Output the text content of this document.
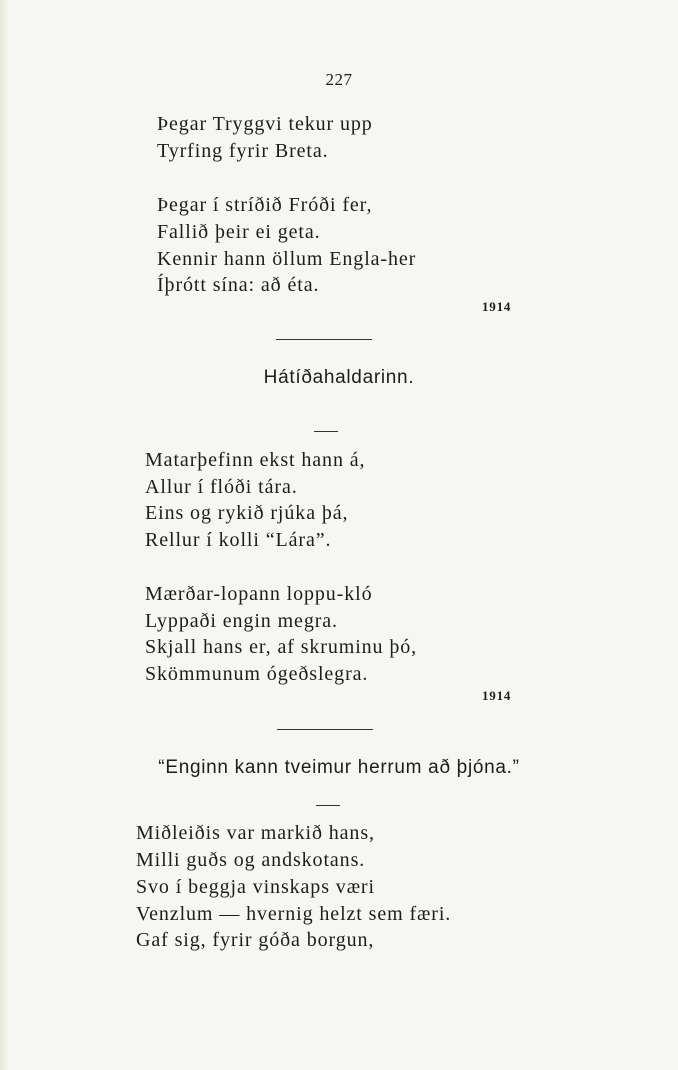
227
Þegar Tryggvi tekur upp
Tyrfing fyrir Breta.
Þegar í stríðið Fróði fer,
Fallið þeir ei geta.
Kennir hann öllum Engla-her
Íþrótt sína: að éta.
1914
Hátíðahaldarinn.
Matarþefinn ekst hann á,
Allur í flóði tára.
Eins og rykið rjúka þá,
Rellur í kolli “Lára”.
Mærðar-lopann loppu-kló
Lyppaði engin megra.
Skjall hans er, af skruminu þó,
Skömmunum ógeðslegra.
1914
“Enginn kann tveimur herrum að þjóna.”
Miðleiðis var markið hans,
Milli guðs og andskotans.
Svo í beggja vinskaps væri
Venzlum — hvernig helzt sem færi.
Gaf sig, fyrir góða borgun,
